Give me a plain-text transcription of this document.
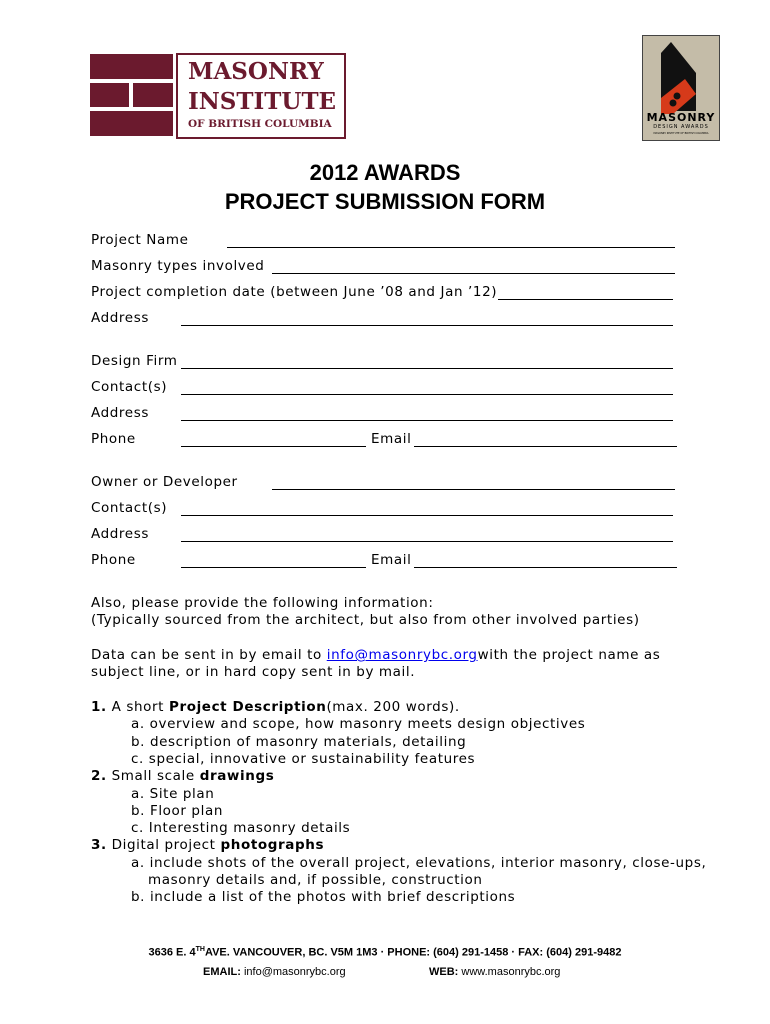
MASONRY
INSTITUTE
OF BRITISH COLUMBIA	MASONRY
DESIGN AWARDS
MASONRY INSTITUTE OF BRITISH COLUMBIA
2012 AWARDS
PROJECT SUBMISSION FORM
Project Name
Masonry types involved
Project completion date (between June ’08 and Jan ’12)
Address
Design Firm
Contact(s)
Address
Phone	Email
Owner or Developer
Contact(s)
Address
Phone	Email
Also, please provide the following information:
(Typically sourced from the architect, but also from other involved parties)
Data can be sent in by email to info@masonrybc.orgwith the project name as
subject line, or in hard copy sent in by mail.
1. A short Project Description(max. 200 words).
a. overview and scope, how masonry meets design objectives
b. description of masonry materials, detailing
c. special, innovative or sustainability features
2. Small scale drawings
a. Site plan
b. Floor plan
c. Interesting masonry details
3. Digital project photographs
a. include shots of the overall project, elevations, interior masonry, close-ups,
masonry details and, if possible, construction
b. include a list of the photos with brief descriptions
3636 E. 4THAVE. VANCOUVER, BC. V5M 1M3 · PHONE: (604) 291-1458 · FAX: (604) 291-9482
EMAIL: info@masonrybc.org	WEB: www.masonrybc.org
